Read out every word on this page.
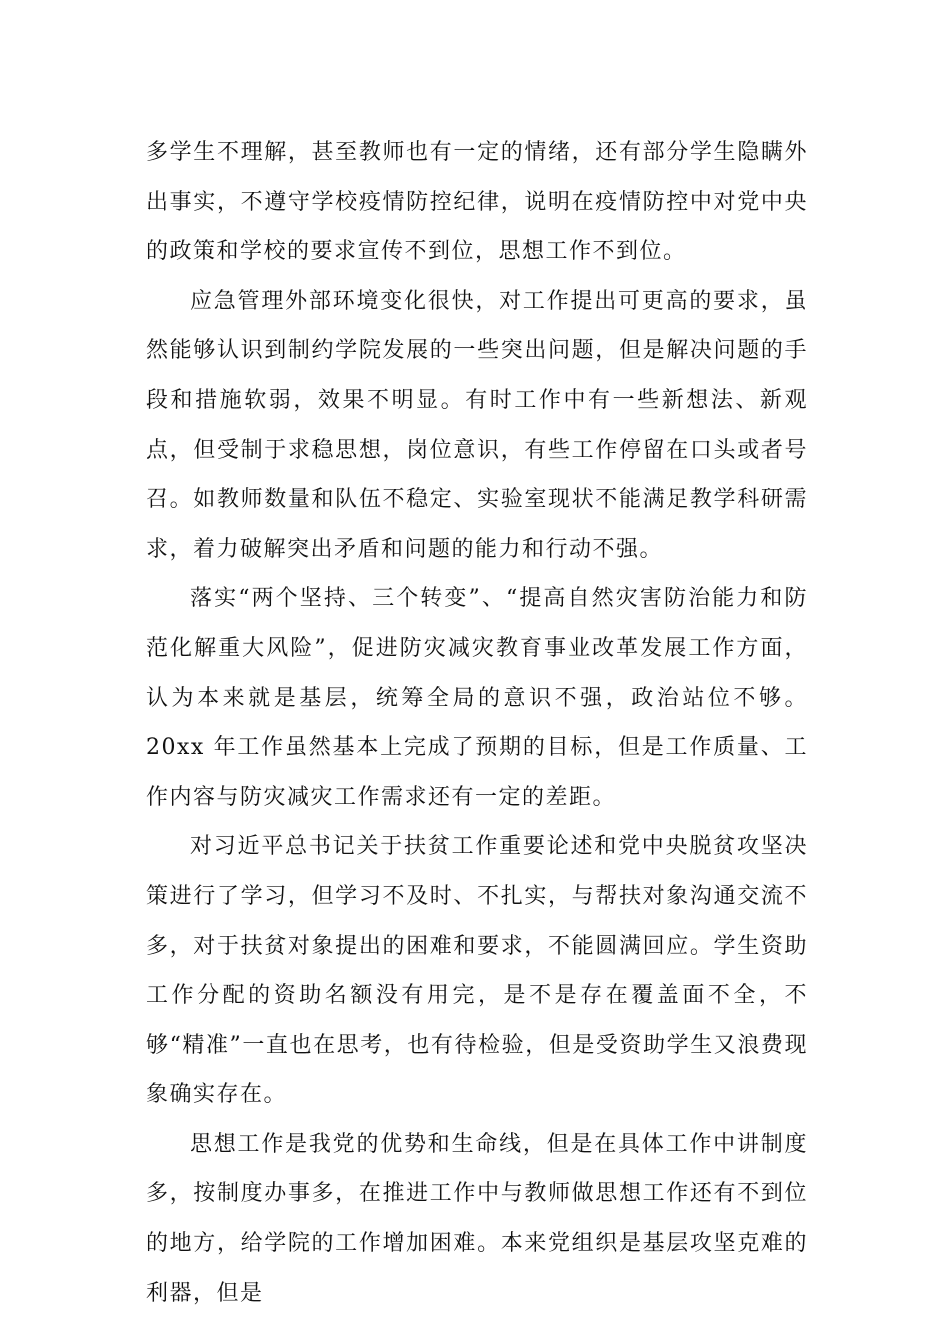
多学生不理解，甚至教师也有一定的情绪，还有部分学生隐瞒外出事实，不遵守学校疫情防控纪律，说明在疫情防控中对党中央的政策和学校的要求宣传不到位，思想工作不到位。

应急管理外部环境变化很快，对工作提出可更高的要求，虽然能够认识到制约学院发展的一些突出问题，但是解决问题的手段和措施软弱，效果不明显。有时工作中有一些新想法、新观点，但受制于求稳思想，岗位意识，有些工作停留在口头或者号召。如教师数量和队伍不稳定、实验室现状不能满足教学科研需求，着力破解突出矛盾和问题的能力和行动不强。

落实“两个坚持、三个转变”、“提高自然灾害防治能力和防范化解重大风险”，促进防灾减灾教育事业改革发展工作方面，认为本来就是基层，统筹全局的意识不强，政治站位不够。20xx 年工作虽然基本上完成了预期的目标，但是工作质量、工作内容与防灾减灾工作需求还有一定的差距。

对习近平总书记关于扶贫工作重要论述和党中央脱贫攻坚决策进行了学习，但学习不及时、不扎实，与帮扶对象沟通交流不多，对于扶贫对象提出的困难和要求，不能圆满回应。学生资助工作分配的资助名额没有用完，是不是存在覆盖面不全，不够“精准”一直也在思考，也有待检验，但是受资助学生又浪费现象确实存在。

思想工作是我党的优势和生命线，但是在具体工作中讲制度多，按制度办事多，在推进工作中与教师做思想工作还有不到位的地方，给学院的工作增加困难。本来党组织是基层攻坚克难的利器，但是
